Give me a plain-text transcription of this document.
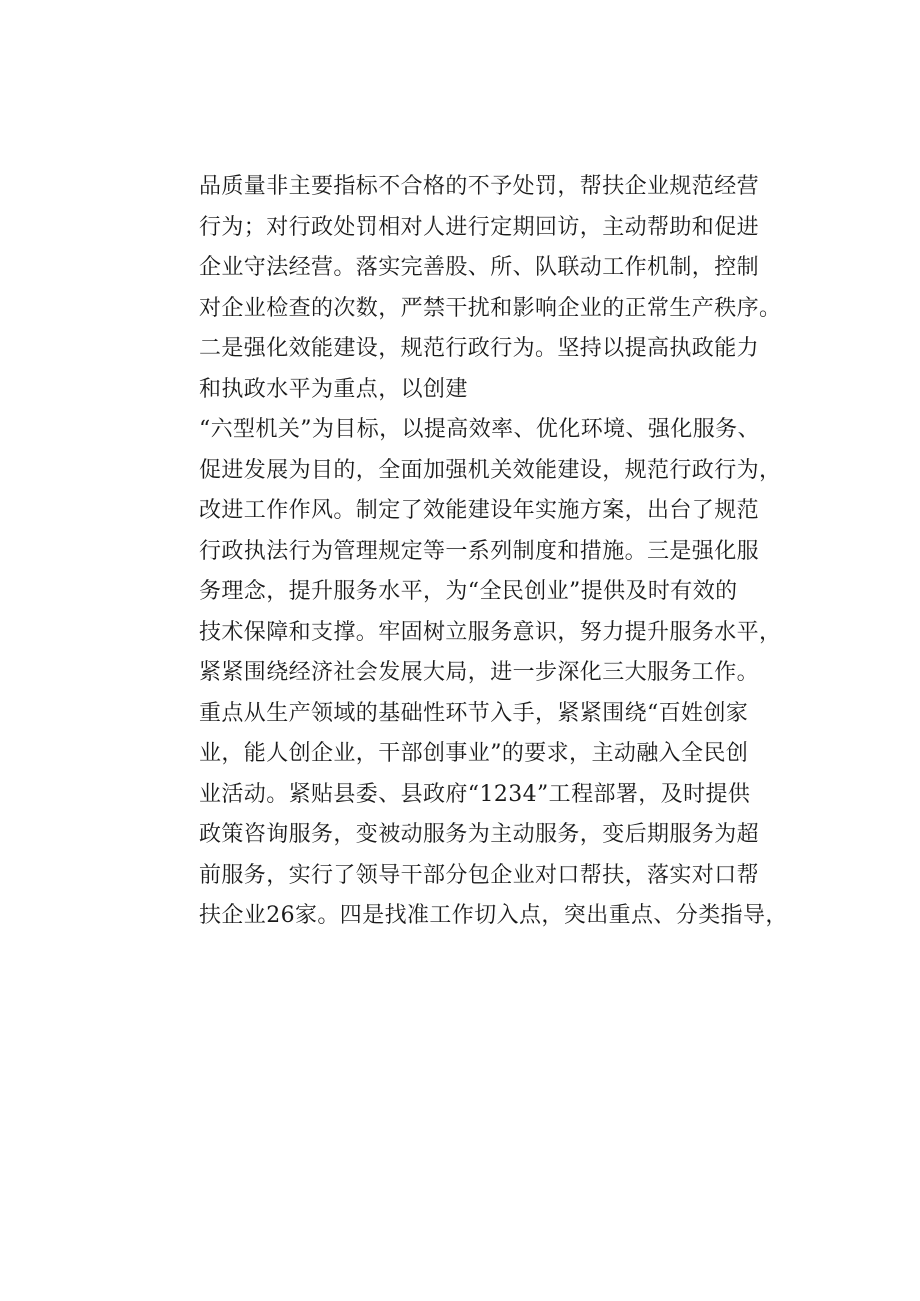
品质量非主要指标不合格的不予处罚，帮扶企业规范经营
行为；对行政处罚相对人进行定期回访，主动帮助和促进
企业守法经营。落实完善股、所、队联动工作机制，控制
对企业检查的次数，严禁干扰和影响企业的正常生产秩序。
二是强化效能建设，规范行政行为。坚持以提高执政能力
和执政水平为重点，以创建
“六型机关”为目标，以提高效率、优化环境、强化服务、
促进发展为目的，全面加强机关效能建设，规范行政行为，
改进工作作风。制定了效能建设年实施方案，出台了规范
行政执法行为管理规定等一系列制度和措施。三是强化服
务理念，提升服务水平，为“全民创业”提供及时有效的
技术保障和支撑。牢固树立服务意识，努力提升服务水平，
紧紧围绕经济社会发展大局，进一步深化三大服务工作。
重点从生产领域的基础性环节入手，紧紧围绕“百姓创家
业，能人创企业，干部创事业”的要求，主动融入全民创
业活动。紧贴县委、县政府“1234”工程部署，及时提供
政策咨询服务，变被动服务为主动服务，变后期服务为超
前服务，实行了领导干部分包企业对口帮扶，落实对口帮
扶企业26家。四是找准工作切入点，突出重点、分类指导，
